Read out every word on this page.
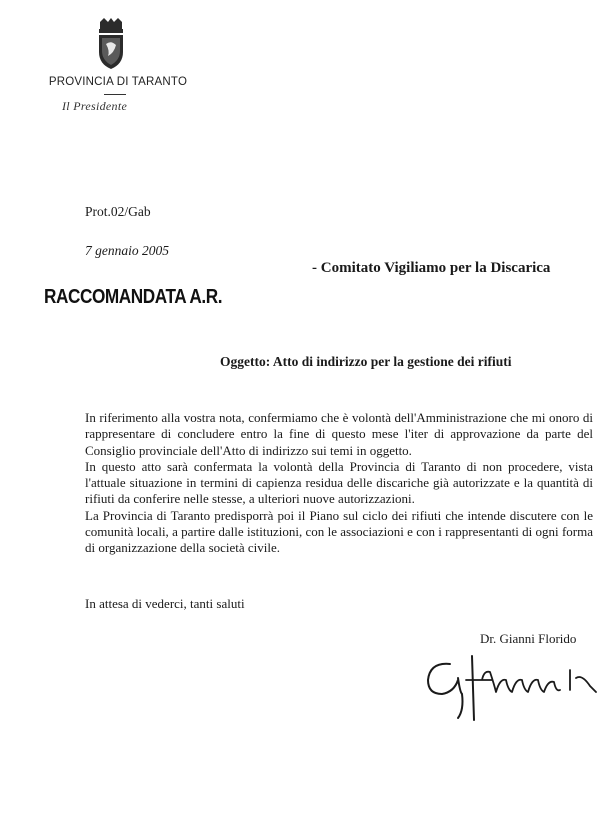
PROVINCIA DI TARANTO
Il Presidente
Prot.02/Gab
7 gennaio 2005
- Comitato Vigiliamo per la Discarica
RACCOMANDATA A.R.
Oggetto: Atto di indirizzo per la gestione dei rifiuti

In riferimento alla vostra nota, confermiamo che è volontà dell'Amministrazione che mi onoro di rappresentare di concludere entro la fine di questo mese l'iter di approvazione da parte del Consiglio provinciale dell'Atto di indirizzo sui temi in oggetto.

In questo atto sarà confermata la volontà della Provincia di Taranto di non procedere, vista l'attuale situazione in termini di capienza residua delle discariche già autorizzate e la quantità di rifiuti da conferire nelle stesse, a ulteriori nuove autorizzazioni.

La Provincia di Taranto predisporrà poi il Piano sul ciclo dei rifiuti che intende discutere con le comunità locali, a partire dalle istituzioni, con le associazioni e con i rappresentanti di ogni forma di organizzazione della società civile.

In attesa di vederci, tanti saluti
Dr. Gianni Florido
